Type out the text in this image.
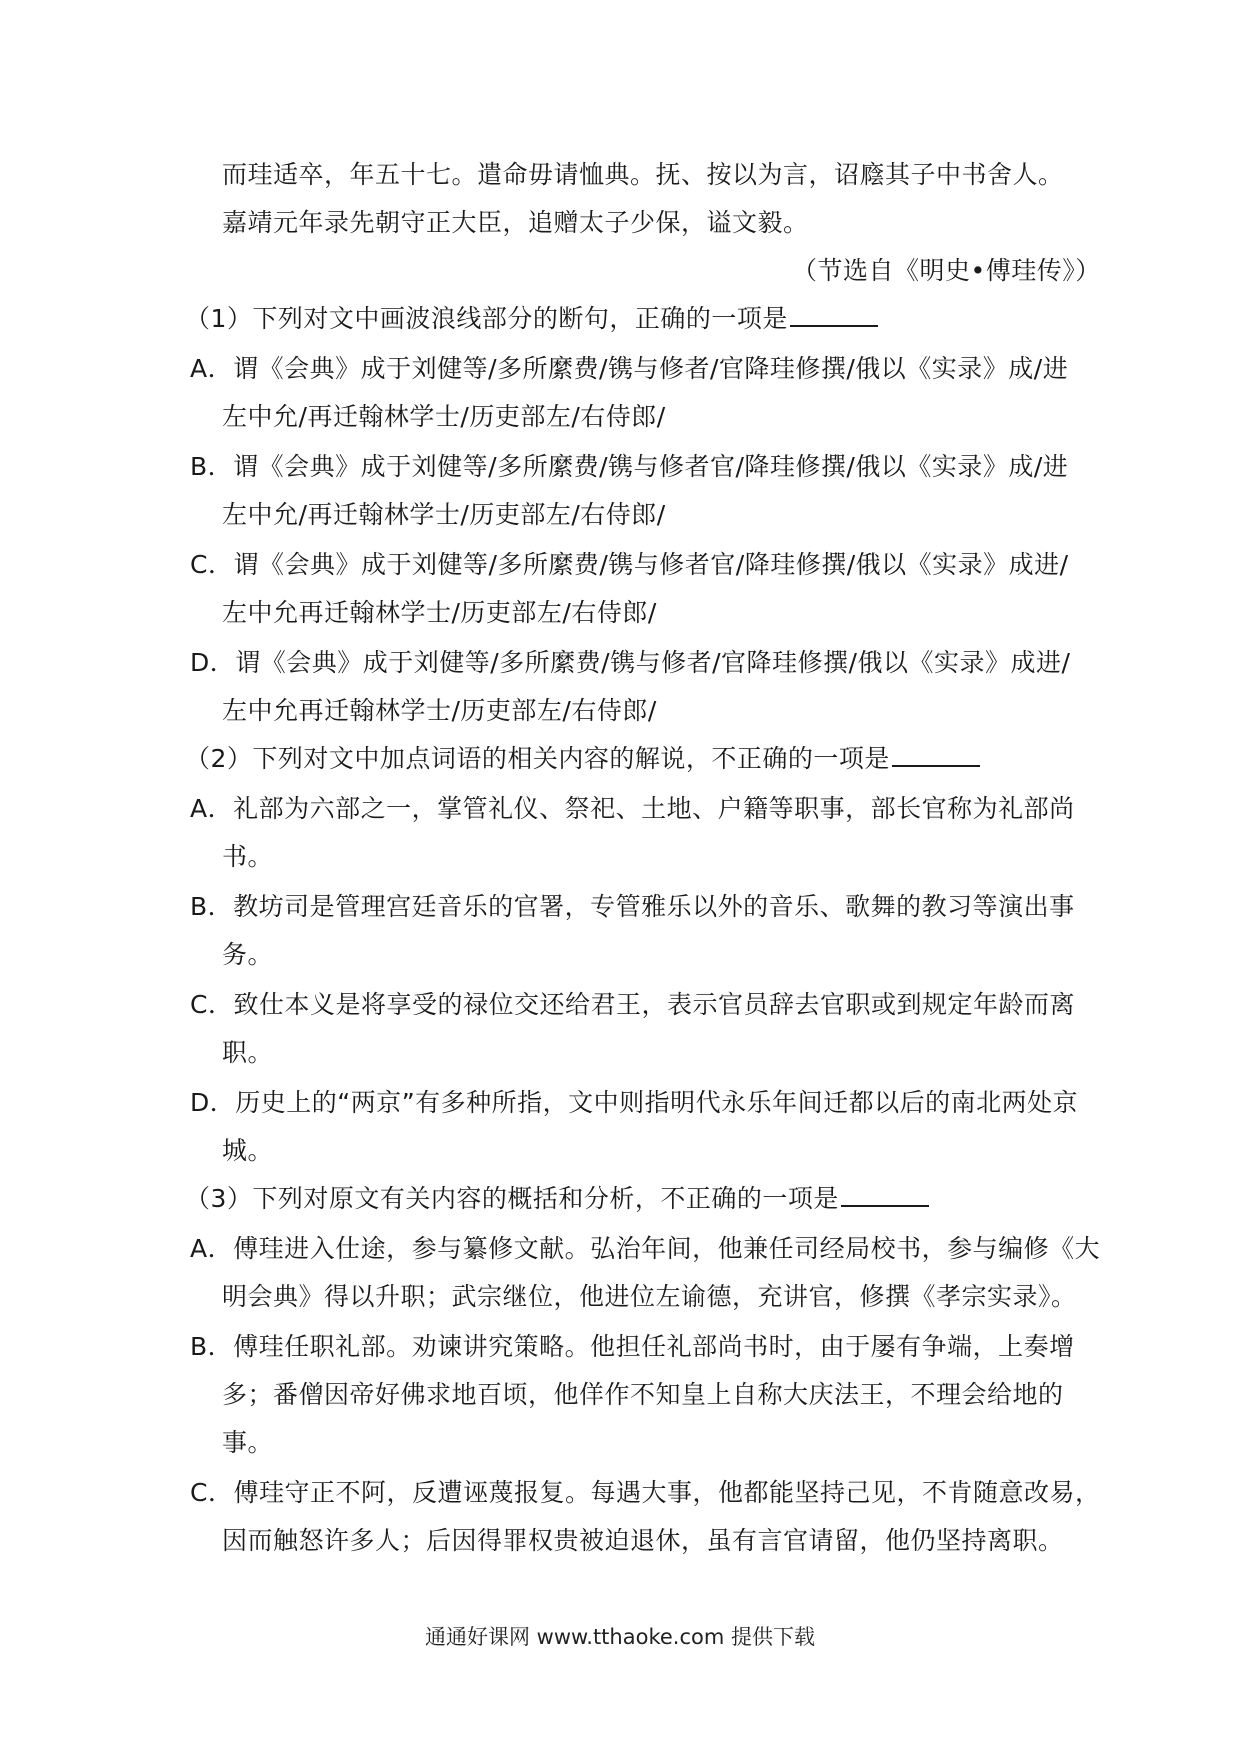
而珪适卒，年五十七。遣命毋请恤典。抚、按以为言，诏廕其子中书舍人。
嘉靖元年录先朝守正大臣，追赠太子少保，谥文毅。
（节选自《明史•傅珪传》）
（1）下列对文中画波浪线部分的断句，正确的一项是
A．谓《会典》成于刘健等/多所縻费/镌与修者/官降珪修撰/俄以《实录》成/进
左中允/再迁翰林学士/历吏部左/右侍郎/
B．谓《会典》成于刘健等/多所縻费/镌与修者官/降珪修撰/俄以《实录》成/进
左中允/再迁翰林学士/历吏部左/右侍郎/
C．谓《会典》成于刘健等/多所縻费/镌与修者官/降珪修撰/俄以《实录》成进/
左中允再迁翰林学士/历吏部左/右侍郎/
D．谓《会典》成于刘健等/多所縻费/镌与修者/官降珪修撰/俄以《实录》成进/
左中允再迁翰林学士/历吏部左/右侍郎/
（2）下列对文中加点词语的相关内容的解说，不正确的一项是
A．礼部为六部之一，掌管礼仪、祭祀、土地、户籍等职事，部长官称为礼部尚
书。
B．教坊司是管理宫廷音乐的官署，专管雅乐以外的音乐、歌舞的教习等演出事
务。
C．致仕本义是将享受的禄位交还给君王，表示官员辞去官职或到规定年龄而离
职。
D．历史上的“两京”有多种所指，文中则指明代永乐年间迁都以后的南北两处京
城。
（3）下列对原文有关内容的概括和分析，不正确的一项是
A．傅珪进入仕途，参与纂修文献。弘治年间，他兼任司经局校书，参与编修《大
明会典》得以升职；武宗继位，他进位左谕德，充讲官，修撰《孝宗实录》。
B．傅珪任职礼部。劝谏讲究策略。他担任礼部尚书时，由于屡有争端，上奏增
多；番僧因帝好佛求地百顷，他佯作不知皇上自称大庆法王，不理会给地的
事。
C．傅珪守正不阿，反遭诬蔑报复。每遇大事，他都能坚持己见，不肯随意改易，
因而触怒许多人；后因得罪权贵被迫退休，虽有言官请留，他仍坚持离职。
通通好课网 www.tthaoke.com 提供下载
